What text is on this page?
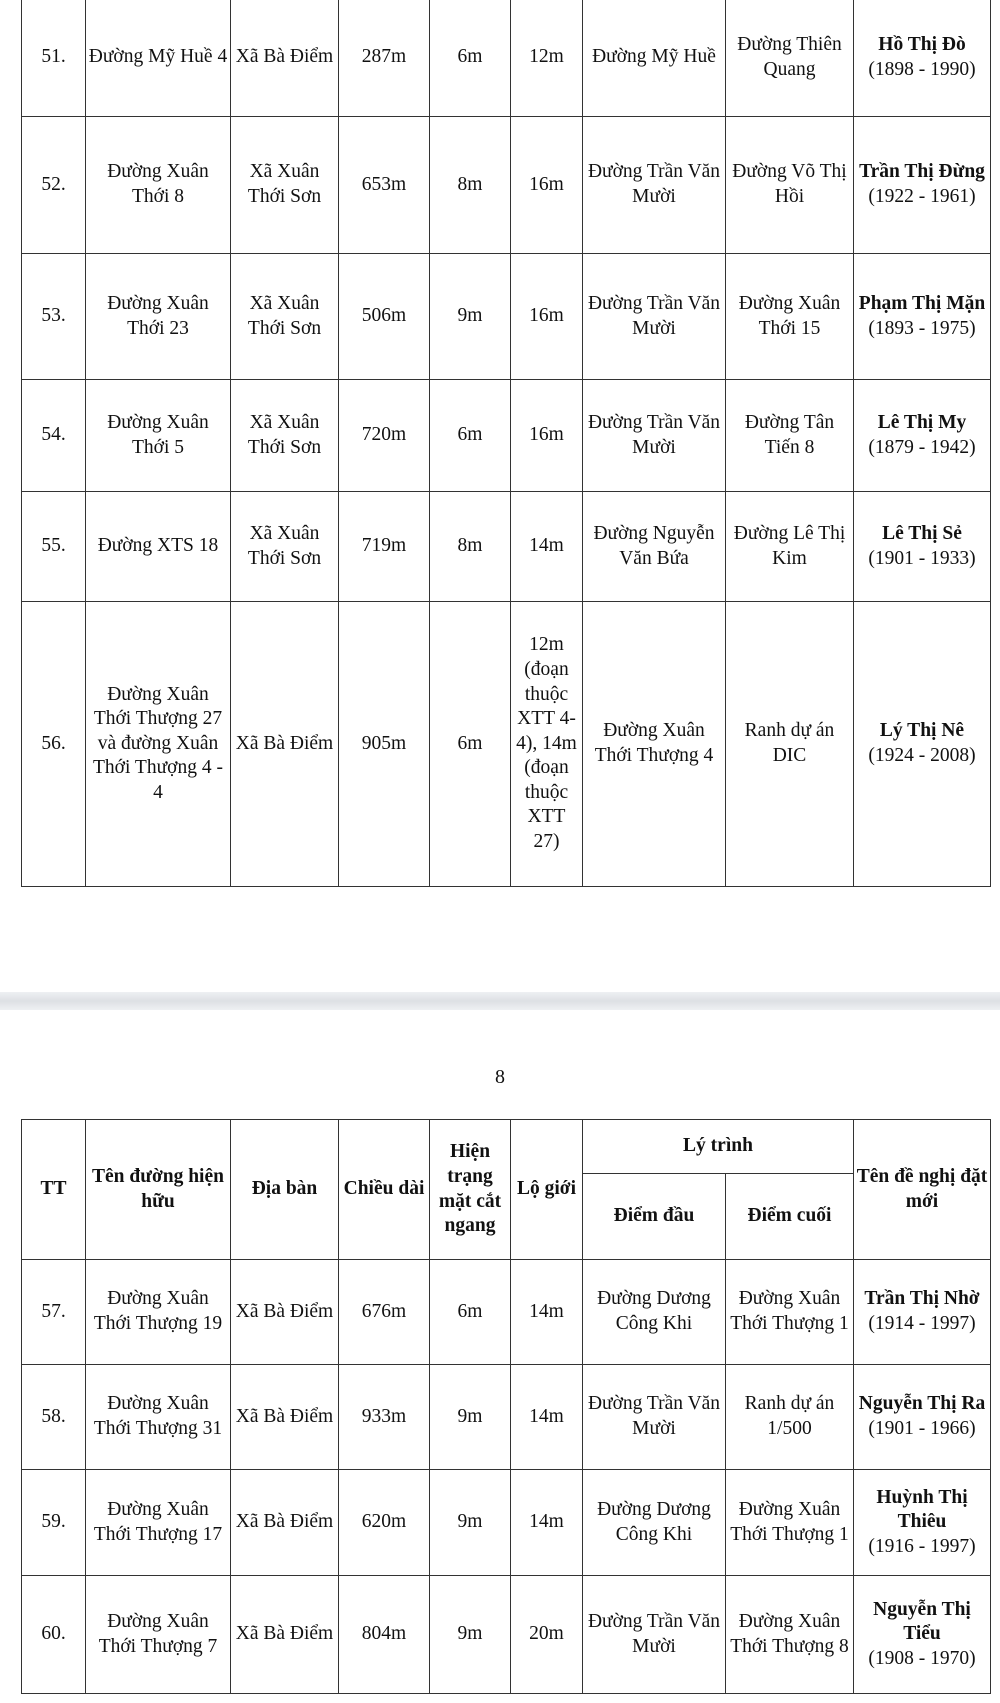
51.	Đường Mỹ Huề 4	Xã Bà Điểm	287m	6m	12m	Đường Mỹ Huề	Đường Thiên Quang	Hồ Thị Đò
(1898 - 1990)

52.	Đường Xuân Thới 8	Xã Xuân Thới Sơn	653m	8m	16m	Đường Trần Văn Mười	Đường Võ Thị Hồi	Trần Thị Đừng
(1922 - 1961)

53.	Đường Xuân Thới 23	Xã Xuân Thới Sơn	506m	9m	16m	Đường Trần Văn Mười	Đường Xuân Thới 15	Phạm Thị Mặn
(1893 - 1975)

54.	Đường Xuân Thới 5	Xã Xuân Thới Sơn	720m	6m	16m	Đường Trần Văn Mười	Đường Tân Tiến 8	Lê Thị My
(1879 - 1942)

55.	Đường XTS 18	Xã Xuân Thới Sơn	719m	8m	14m	Đường Nguyễn Văn Bứa	Đường Lê Thị Kim	Lê Thị Sẻ
(1901 - 1933)

56.	Đường Xuân Thới Thượng 27 và đường Xuân Thới Thượng 4 - 4	Xã Bà Điểm	905m	6m	12m (đoạn thuộc XTT 4-4), 14m (đoạn thuộc XTT 27)	Đường Xuân Thới Thượng 4	Ranh dự án DIC	Lý Thị Nê
(1924 - 2008)
8
TT	Tên đường hiện hữu	Địa bàn	Chiều dài	Hiện trạng mặt cắt ngang	Lộ giới	Lý trình		Tên đề nghị đặt mới
						Điểm đầu	Điểm cuối	
57.	Đường Xuân Thới Thượng 19	Xã Bà Điểm	676m	6m	14m	Đường Dương Công Khi	Đường Xuân Thới Thượng 1	Trần Thị Nhờ
(1914 - 1997)

58.	Đường Xuân Thới Thượng 31	Xã Bà Điểm	933m	9m	14m	Đường Trần Văn Mười	Ranh dự án 1/500	Nguyễn Thị Ra
(1901 - 1966)

59.	Đường Xuân Thới Thượng 17	Xã Bà Điểm	620m	9m	14m	Đường Dương Công Khi	Đường Xuân Thới Thượng 1	Huỳnh Thị Thiêu
(1916 - 1997)

60.	Đường Xuân Thới Thượng 7	Xã Bà Điểm	804m	9m	20m	Đường Trần Văn Mười	Đường Xuân Thới Thượng 8	Nguyễn Thị Tiểu
(1908 - 1970)
